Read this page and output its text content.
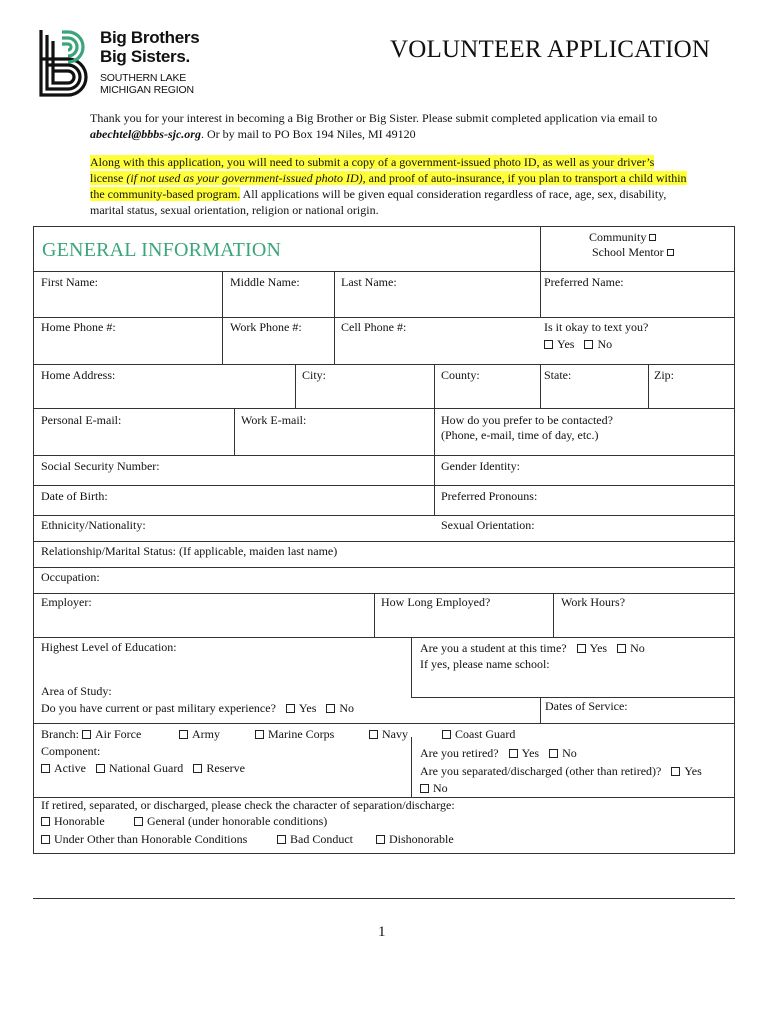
Big Brothers
Big Sisters.
SOUTHERN LAKE
MICHIGAN REGION
VOLUNTEER APPLICATION
Thank you for your interest in becoming a Big Brother or Big Sister. Please submit completed application via email to abechtel@bbbs-sjc.org. Or by mail to PO Box 194 Niles, MI 49120
Along with this application, you will need to submit a copy of a government-issued photo ID, as well as your driver’s license (if not used as your government-issued photo ID), and proof of auto-insurance, if you plan to transport a child within the community-based program. All applications will be given equal consideration regardless of race, age, sex, disability, marital status, sexual orientation, religion or national origin.
GENERAL INFORMATION
Community
School Mentor
First Name:	Middle Name:	Last Name:	Preferred Name:
Home Phone #:	Work Phone #:	Cell Phone #:	Is it okay to text you?
Yes No
Home Address:	City:	County:	State:	Zip:
Personal E-mail:	Work E-mail:	How do you prefer to be contacted?
(Phone, e-mail, time of day, etc.)
Social Security Number:	Gender Identity:
Date of Birth:	Preferred Pronouns:
Ethnicity/Nationality:	Sexual Orientation:
Relationship/Marital Status: (If applicable, maiden last name)
Occupation:
Employer:	How Long Employed?	Work Hours?
Highest Level of Education:	Are you a student at this time? Yes No
If yes, please name school:
Area of Study:
Do you have current or past military experience? Yes No	Dates of Service:
Branch: Air Force	Army	Marine Corps	Navy	Coast Guard
Component:
Active National Guard Reserve
Are you retired? Yes No
Are you separated/discharged (other than retired)? Yes
No
If retired, separated, or discharged, please check the character of separation/discharge:
Honorable	General (under honorable conditions)
Under Other than Honorable Conditions	Bad Conduct	Dishonorable
1
